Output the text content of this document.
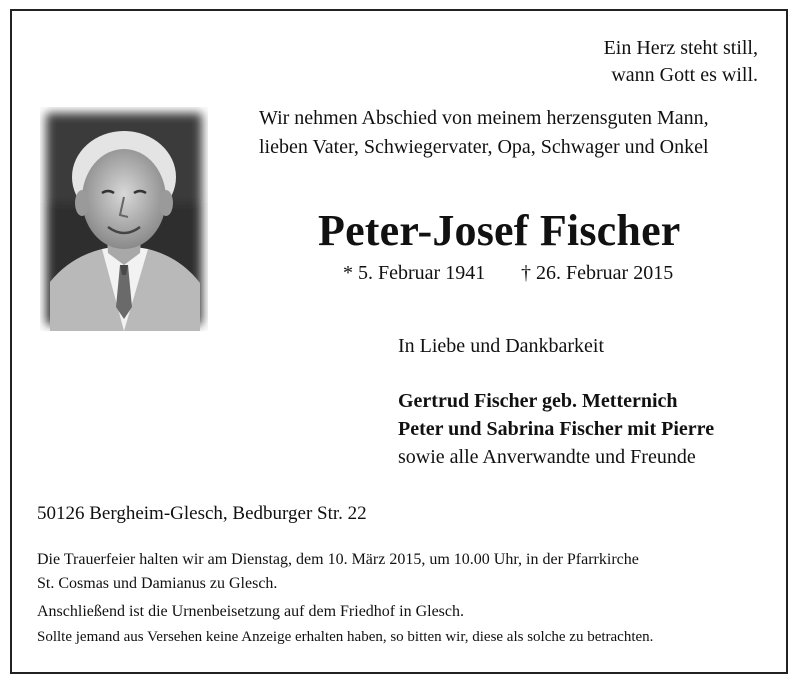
Ein Herz steht still,
wann Gott es will.
Wir nehmen Abschied von meinem herzensguten Mann,
lieben Vater, Schwiegervater, Opa, Schwager und Onkel
Peter-Josef Fischer
* 5. Februar 1941 † 26. Februar 2015
In Liebe und Dankbarkeit
Gertrud Fischer geb. Metternich
Peter und Sabrina Fischer mit Pierre
sowie alle Anverwandte und Freunde
50126 Bergheim-Glesch, Bedburger Str. 22
Die Trauerfeier halten wir am Dienstag, dem 10. März 2015, um 10.00 Uhr, in der Pfarrkirche
St. Cosmas und Damianus zu Glesch.
Anschließend ist die Urnenbeisetzung auf dem Friedhof in Glesch.
Sollte jemand aus Versehen keine Anzeige erhalten haben, so bitten wir, diese als solche zu betrachten.
